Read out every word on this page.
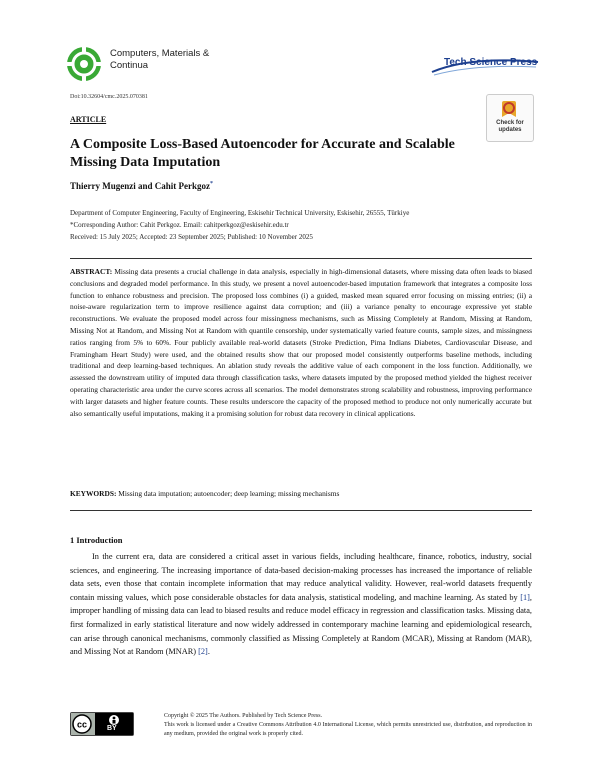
Computers, Materials &
Continua	Tech Science Press
Doi:10.32604/cmc.2025.070381
ARTICLE	Check for
updates
A Composite Loss-Based Autoencoder for Accurate and Scalable Missing Data Imputation
Thierry Mugenzi and Cahit Perkgoz*
Department of Computer Engineering, Faculty of Engineering, Eskisehir Technical University, Eskisehir, 26555, Türkiye
*Corresponding Author: Cahit Perkgoz. Email: cahitperkgoz@eskisehir.edu.tr
Received: 15 July 2025; Accepted: 23 September 2025; Published: 10 November 2025
ABSTRACT: Missing data presents a crucial challenge in data analysis, especially in high-dimensional datasets, where missing data often leads to biased conclusions and degraded model performance. In this study, we present a novel autoencoder-based imputation framework that integrates a composite loss function to enhance robustness and precision. The proposed loss combines (i) a guided, masked mean squared error focusing on missing entries; (ii) a noise-aware regularization term to improve resilience against data corruption; and (iii) a variance penalty to encourage expressive yet stable reconstructions. We evaluate the proposed model across four missingness mechanisms, such as Missing Completely at Random, Missing at Random, Missing Not at Random, and Missing Not at Random with quantile censorship, under systematically varied feature counts, sample sizes, and missingness ratios ranging from 5% to 60%. Four publicly available real-world datasets (Stroke Prediction, Pima Indians Diabetes, Cardiovascular Disease, and Framingham Heart Study) were used, and the obtained results show that our proposed model consistently outperforms baseline methods, including traditional and deep learning-based techniques. An ablation study reveals the additive value of each component in the loss function. Additionally, we assessed the downstream utility of imputed data through classification tasks, where datasets imputed by the proposed method yielded the highest receiver operating characteristic area under the curve scores across all scenarios. The model demonstrates strong scalability and robustness, improving performance with larger datasets and higher feature counts. These results underscore the capacity of the proposed method to produce not only numerically accurate but also semantically useful imputations, making it a promising solution for robust data recovery in clinical applications.
KEYWORDS: Missing data imputation; autoencoder; deep learning; missing mechanisms
1 Introduction
In the current era, data are considered a critical asset in various fields, including healthcare, finance, robotics, industry, social sciences, and engineering. The increasing importance of data-based decision-making processes has increased the importance of reliable data sets, even those that contain incomplete information that may reduce analytical validity. However, real-world datasets frequently contain missing values, which pose considerable obstacles for data analysis, statistical modeling, and machine learning. As stated by [1], improper handling of missing data can lead to biased results and reduce model efficacy in regression and classification tasks. Missing data, first formalized in early statistical literature and now widely addressed in contemporary machine learning and epidemiological research, can arise through canonical mechanisms, commonly classified as Missing Completely at Random (MCAR), Missing at Random (MAR), and Missing Not at Random (MNAR) [2].
cc	BY
Copyright © 2025 The Authors. Published by Tech Science Press.
This work is licensed under a Creative Commons Attribution 4.0 International License, which permits unrestricted use, distribution, and reproduction in any medium, provided the original work is properly cited.
